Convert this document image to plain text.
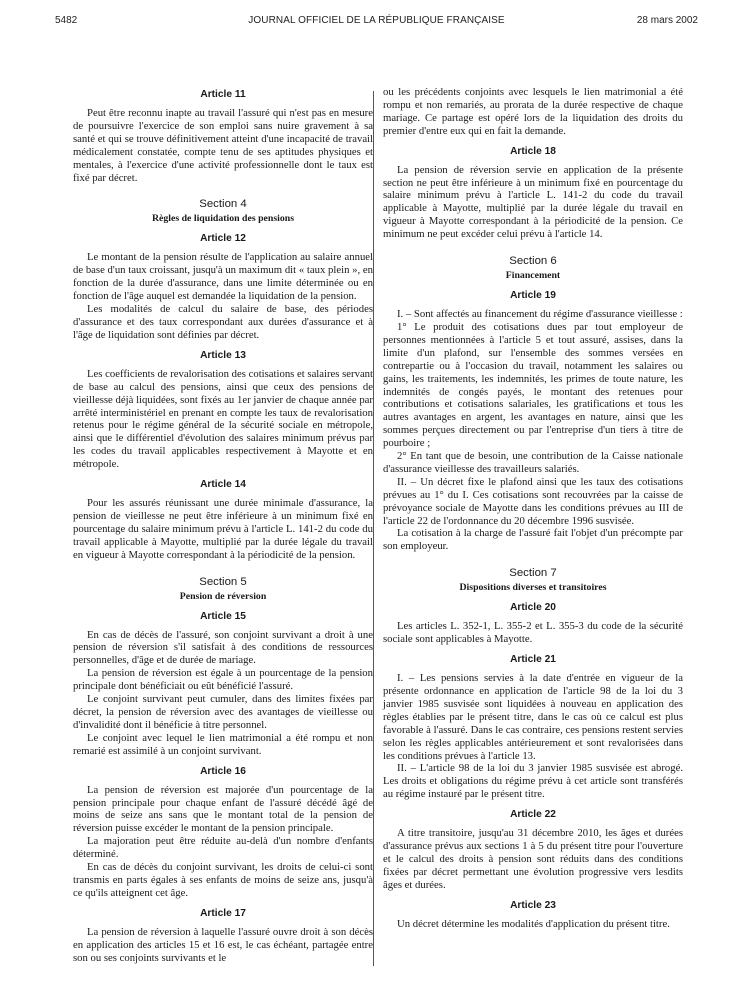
5482	JOURNAL OFFICIEL DE LA RÉPUBLIQUE FRANÇAISE	28 mars 2002
Article 11

Peut être reconnu inapte au travail l'assuré qui n'est pas en mesure de poursuivre l'exercice de son emploi sans nuire gravement à sa santé et qui se trouve définitivement atteint d'une incapacité de travail médicalement constatée, compte tenu de ses aptitudes physiques et mentales, à l'exercice d'une activité professionnelle dont le taux est fixé par décret.

Section 4
Règles de liquidation des pensions
Article 12

Le montant de la pension résulte de l'application au salaire annuel de base d'un taux croissant, jusqu'à un maximum dit « taux plein », en fonction de la durée d'assurance, dans une limite déterminée ou en fonction de l'âge auquel est demandée la liquidation de la pension.

Les modalités de calcul du salaire de base, des périodes d'assurance et des taux correspondant aux durées d'assurance et à l'âge de liquidation sont définies par décret.

Article 13

Les coefficients de revalorisation des cotisations et salaires servant de base au calcul des pensions, ainsi que ceux des pensions de vieillesse déjà liquidées, sont fixés au 1er janvier de chaque année par arrêté interministériel en prenant en compte les taux de revalorisation retenus pour le régime général de la sécurité sociale en métropole, ainsi que le différentiel d'évolution des salaires minimum prévus par les codes du travail applicables respectivement à Mayotte et en métropole.

Article 14

Pour les assurés réunissant une durée minimale d'assurance, la pension de vieillesse ne peut être inférieure à un minimum fixé en pourcentage du salaire minimum prévu à l'article L. 141-2 du code du travail applicable à Mayotte, multiplié par la durée légale du travail en vigueur à Mayotte correspondant à la périodicité de la pension.

Section 5
Pension de réversion
Article 15

En cas de décès de l'assuré, son conjoint survivant a droit à une pension de réversion s'il satisfait à des conditions de ressources personnelles, d'âge et de durée de mariage.

La pension de réversion est égale à un pourcentage de la pension principale dont bénéficiait ou eût bénéficié l'assuré.

Le conjoint survivant peut cumuler, dans des limites fixées par décret, la pension de réversion avec des avantages de vieillesse ou d'invalidité dont il bénéficie à titre personnel.

Le conjoint avec lequel le lien matrimonial a été rompu et non remarié est assimilé à un conjoint survivant.

Article 16

La pension de réversion est majorée d'un pourcentage de la pension principale pour chaque enfant de l'assuré décédé âgé de moins de seize ans sans que le montant total de la pension de réversion puisse excéder le montant de la pension principale.

La majoration peut être réduite au-delà d'un nombre d'enfants déterminé.

En cas de décès du conjoint survivant, les droits de celui-ci sont transmis en parts égales à ses enfants de moins de seize ans, jusqu'à ce qu'ils atteignent cet âge.

Article 17

La pension de réversion à laquelle l'assuré ouvre droit à son décès en application des articles 15 et 16 est, le cas échéant, partagée entre son ou ses conjoints survivants et le

ou les précédents conjoints avec lesquels le lien matrimonial a été rompu et non remariés, au prorata de la durée respective de chaque mariage. Ce partage est opéré lors de la liquidation des droits du premier d'entre eux qui en fait la demande.

Article 18

La pension de réversion servie en application de la présente section ne peut être inférieure à un minimum fixé en pourcentage du salaire minimum prévu à l'article L. 141-2 du code du travail applicable à Mayotte, multiplié par la durée légale du travail en vigueur à Mayotte correspondant à la périodicité de la pension. Ce minimum ne peut excéder celui prévu à l'article 14.

Section 6
Financement
Article 19

I. – Sont affectés au financement du régime d'assurance vieillesse :

1° Le produit des cotisations dues par tout employeur de personnes mentionnées à l'article 5 et tout assuré, assises, dans la limite d'un plafond, sur l'ensemble des sommes versées en contrepartie ou à l'occasion du travail, notamment les salaires ou gains, les traitements, les indemnités, les primes de toute nature, les indemnités de congés payés, le montant des retenues pour contributions et cotisations salariales, les gratifications et tous les autres avantages en argent, les avantages en nature, ainsi que les sommes perçues directement ou par l'entreprise d'un tiers à titre de pourboire ;

2° En tant que de besoin, une contribution de la Caisse nationale d'assurance vieillesse des travailleurs salariés.

II. – Un décret fixe le plafond ainsi que les taux des cotisations prévues au 1° du I. Ces cotisations sont recouvrées par la caisse de prévoyance sociale de Mayotte dans les conditions prévues au III de l'article 22 de l'ordonnance du 20 décembre 1996 susvisée.

La cotisation à la charge de l'assuré fait l'objet d'un précompte par son employeur.

Section 7
Dispositions diverses et transitoires
Article 20

Les articles L. 352-1, L. 355-2 et L. 355-3 du code de la sécurité sociale sont applicables à Mayotte.

Article 21

I. – Les pensions servies à la date d'entrée en vigueur de la présente ordonnance en application de l'article 98 de la loi du 3 janvier 1985 susvisée sont liquidées à nouveau en application des règles établies par le présent titre, dans le cas où ce calcul est plus favorable à l'assuré. Dans le cas contraire, ces pensions restent servies selon les règles applicables antérieurement et sont revalorisées dans les conditions prévues à l'article 13.

II. – L'article 98 de la loi du 3 janvier 1985 susvisée est abrogé. Les droits et obligations du régime prévu à cet article sont transférés au régime instauré par le présent titre.

Article 22

A titre transitoire, jusqu'au 31 décembre 2010, les âges et durées d'assurance prévus aux sections 1 à 5 du présent titre pour l'ouverture et le calcul des droits à pension sont réduits dans des conditions fixées par décret permettant une évolution progressive vers lesdits âges et durées.

Article 23

Un décret détermine les modalités d'application du présent titre.
